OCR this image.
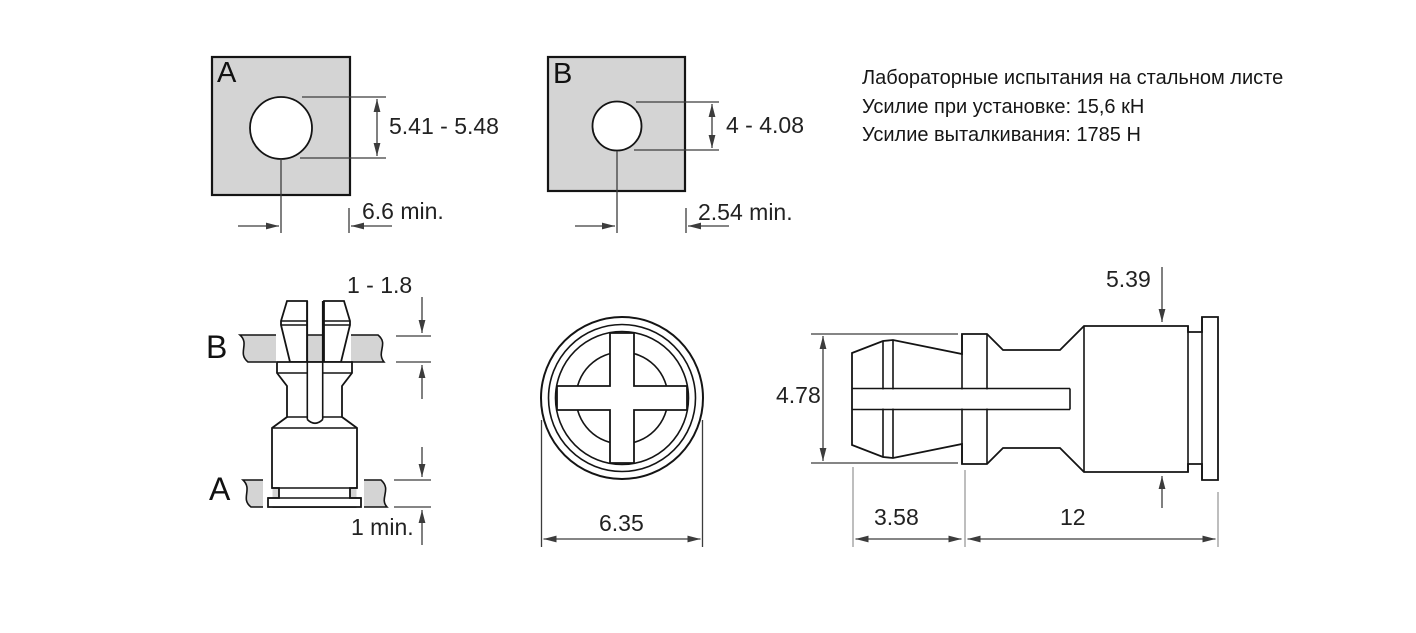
A	B
5.41 - 5.48
6.6 min.
4 - 4.08
2.54 min.
Лабораторные испытания на стальном листе
Усилие при установке: 15,6 кН
Усилие выталкивания: 1785 Н
1 - 1.8
B
A
1 min.	6.35
5.39
4.78
3.58	12
